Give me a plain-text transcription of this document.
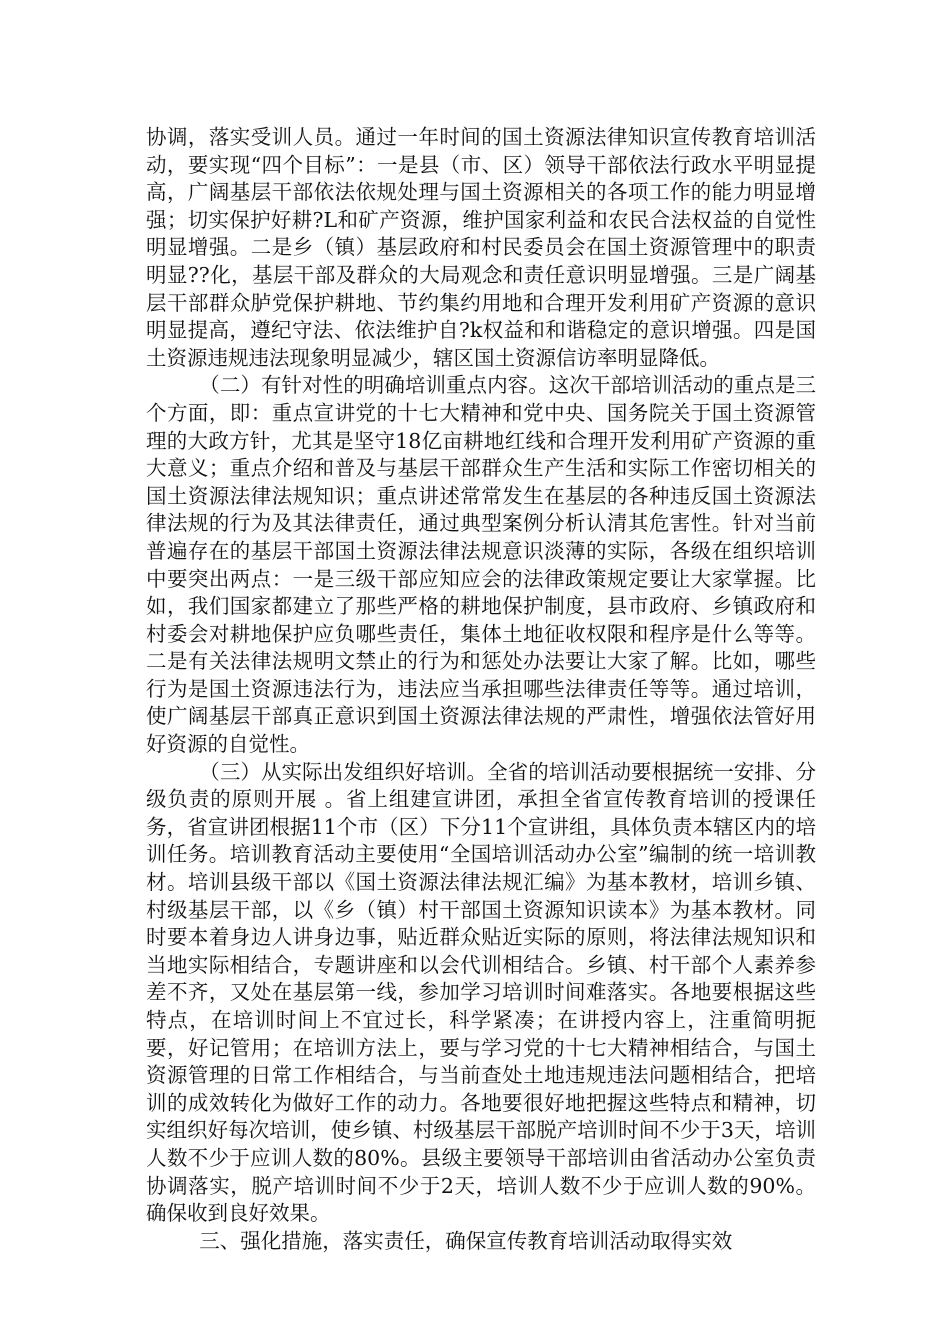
协调，落实受训人员。通过一年时间的国土资源法律知识宣传教育培训活动，要实现“四个目标”：一是县（市、区）领导干部依法行政水平明显提高，广阔基层干部依法依规处理与国土资源相关的各项工作的能力明显增强；切实保护好耕?L和矿产资源，维护国家利益和农民合法权益的自觉性明显增强。二是乡（镇）基层政府和村民委员会在国土资源管理中的职责明显??化，基层干部及群众的大局观念和责任意识明显增强。三是广阔基层干部群众胪党保护耕地、节约集约用地和合理开发利用矿产资源的意识明显提高，遵纪守法、依法维护自?k权益和和谐稳定的意识增强。四是国土资源违规违法现象明显减少，辖区国土资源信访率明显降低。

（二）有针对性的明确培训重点内容。这次干部培训活动的重点是三个方面，即：重点宣讲党的十七大精神和党中央、国务院关于国土资源管理的大政方针，尤其是坚守18亿亩耕地红线和合理开发利用矿产资源的重大意义；重点介绍和普及与基层干部群众生产生活和实际工作密切相关的国土资源法律法规知识；重点讲述常常发生在基层的各种违反国土资源法律法规的行为及其法律责任，通过典型案例分析认清其危害性。针对当前普遍存在的基层干部国土资源法律法规意识淡薄的实际，各级在组织培训中要突出两点：一是三级干部应知应会的法律政策规定要让大家掌握。比如，我们国家都建立了那些严格的耕地保护制度，县市政府、乡镇政府和村委会对耕地保护应负哪些责任，集体土地征收权限和程序是什么等等。二是有关法律法规明文禁止的行为和惩处办法要让大家了解。比如，哪些行为是国土资源违法行为，违法应当承担哪些法律责任等等。通过培训，使广阔基层干部真正意识到国土资源法律法规的严肃性，增强依法管好用好资源的自觉性。

（三）从实际出发组织好培训。全省的培训活动要根据统一安排、分级负责的原则开展 。省上组建宣讲团，承担全省宣传教育培训的授课任务，省宣讲团根据11个市（区）下分11个宣讲组，具体负责本辖区内的培训任务。培训教育活动主要使用“全国培训活动办公室”编制的统一培训教材。培训县级干部以《国土资源法律法规汇编》为基本教材，培训乡镇、村级基层干部，以《乡（镇）村干部国土资源知识读本》为基本教材。同时要本着身边人讲身边事，贴近群众贴近实际的原则，将法律法规知识和当地实际相结合，专题讲座和以会代训相结合。乡镇、村干部个人素养参差不齐，又处在基层第一线，参加学习培训时间难落实。各地要根据这些特点，在培训时间上不宜过长，科学紧凑；在讲授内容上，注重简明扼要，好记管用；在培训方法上，要与学习党的十七大精神相结合，与国土资源管理的日常工作相结合，与当前查处土地违规违法问题相结合，把培训的成效转化为做好工作的动力。各地要很好地把握这些特点和精神，切实组织好每次培训，使乡镇、村级基层干部脱产培训时间不少于3天，培训人数不少于应训人数的80%。县级主要领导干部培训由省活动办公室负责协调落实，脱产培训时间不少于2天，培训人数不少于应训人数的90%。确保收到良好效果。

三、强化措施，落实责任，确保宣传教育培训活动取得实效
